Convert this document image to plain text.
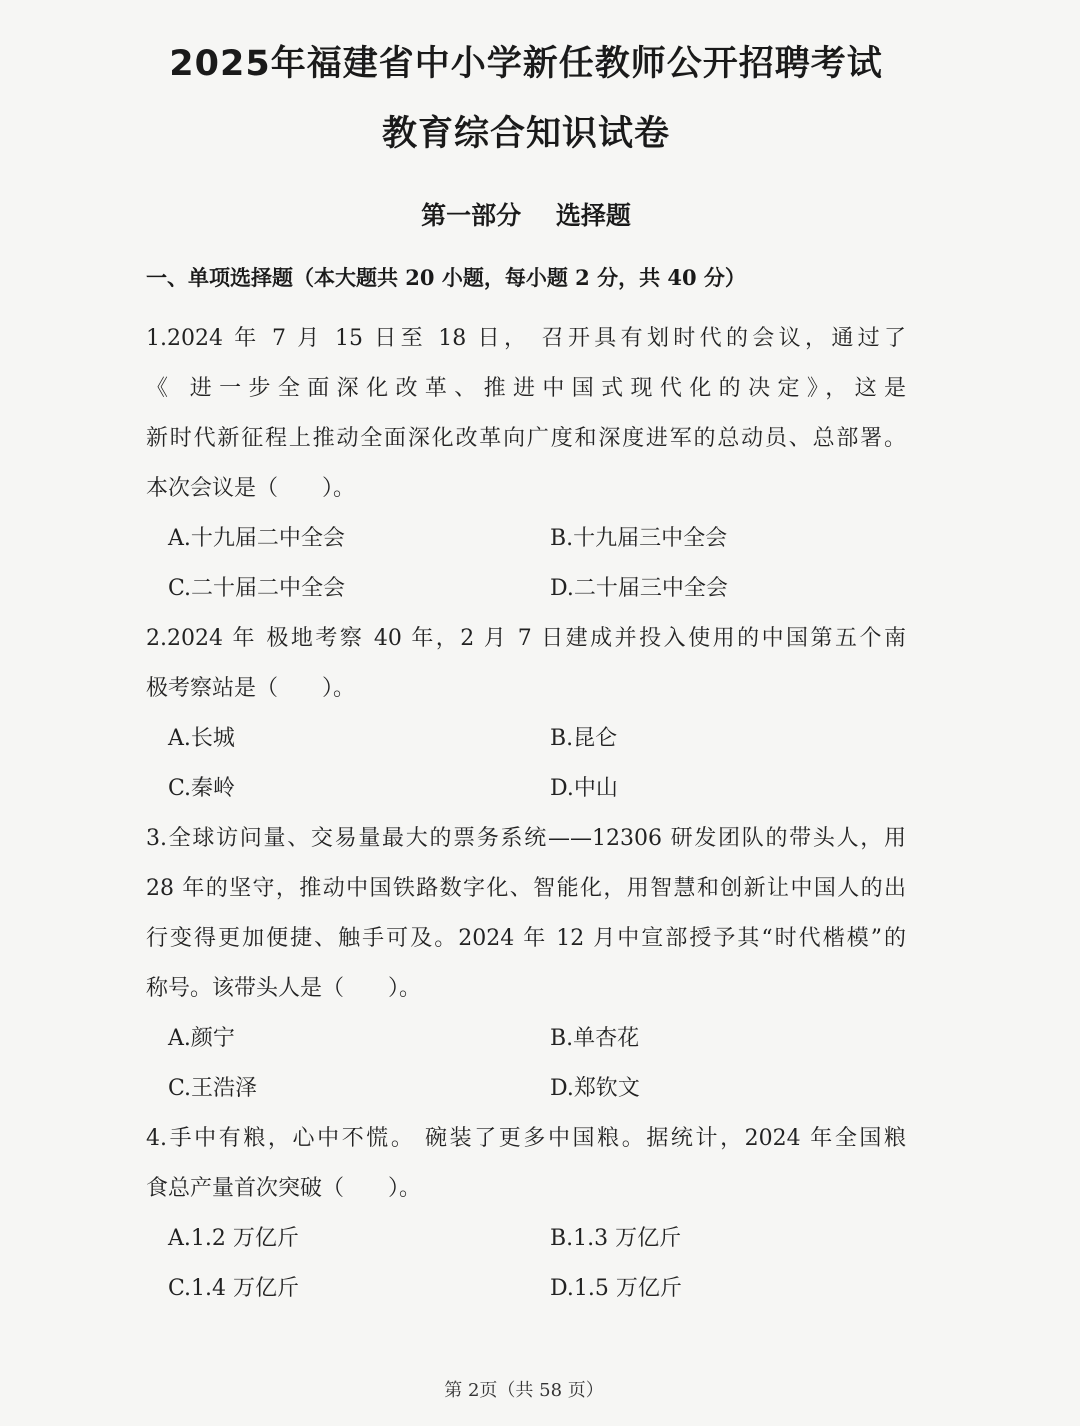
2025年福建省中小学新任教师公开招聘考试
教育综合知识试卷
第一部分    选择题
一、单项选择题（本大题共 20 小题，每小题 2 分，共 40 分）
1.2024 年 7 月 15 日至 18 日， 召开具有划时代的会议，通过了
《 进一步全面深化改革、推进中国式现代化的决定》，这是
新时代新征程上推动全面深化改革向广度和深度进军的总动员、总部署。
本次会议是（　　）。
A.十九届二中全会	B.十九届三中全会
C.二十届二中全会	D.二十届三中全会
2.2024 年 极地考察 40 年，2 月 7 日建成并投入使用的中国第五个南
极考察站是（　　）。
A.长城	B.昆仑
C.秦岭	D.中山
3.全球访问量、交易量最大的票务系统——12306 研发团队的带头人，用
28 年的坚守，推动中国铁路数字化、智能化，用智慧和创新让中国人的出
行变得更加便捷、触手可及。2024 年 12 月中宣部授予其“时代楷模”的
称号。该带头人是（　　）。
A.颜宁	B.单杏花
C.王浩泽	D.郑钦文
4.手中有粮，心中不慌。 碗装了更多中国粮。据统计，2024 年全国粮
食总产量首次突破（　　）。
A.1.2 万亿斤	B.1.3 万亿斤
C.1.4 万亿斤	D.1.5 万亿斤
第 2页（共 58 页）
